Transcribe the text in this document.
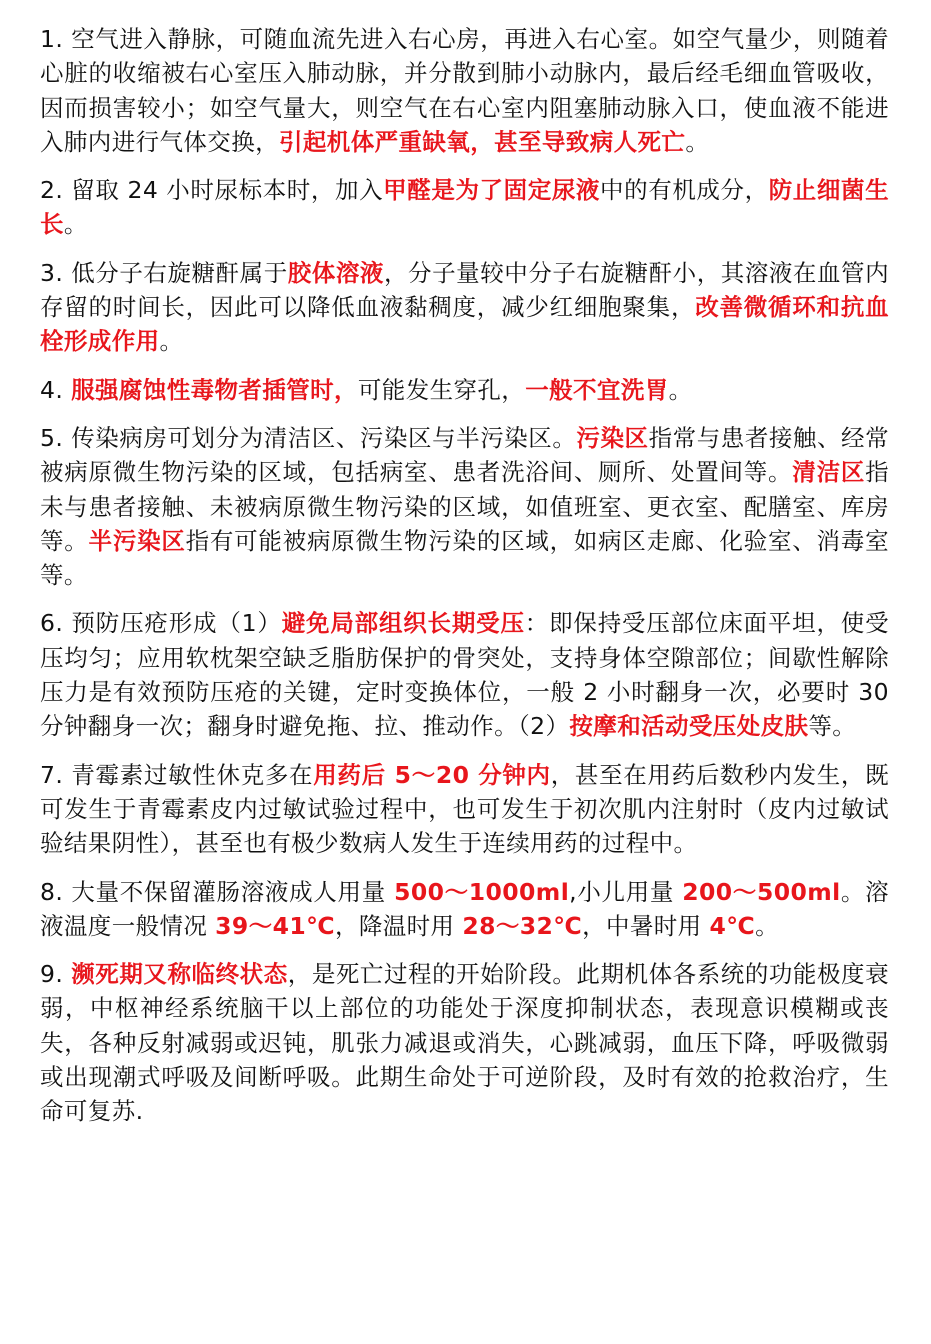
1. 空气进入静脉，可随血流先进入右心房，再进入右心室。如空气量少，则随着心脏的收缩被右心室压入肺动脉，并分散到肺小动脉内，最后经毛细血管吸收，因而损害较小；如空气量大，则空气在右心室内阻塞肺动脉入口，使血液不能进入肺内进行气体交换，引起机体严重缺氧，甚至导致病人死亡。
2. 留取 24 小时尿标本时，加入甲醛是为了固定尿液中的有机成分，防止细菌生长。
3. 低分子右旋糖酐属于胶体溶液，分子量较中分子右旋糖酐小，其溶液在血管内存留的时间长，因此可以降低血液黏稠度，减少红细胞聚集，改善微循环和抗血栓形成作用。
4. 服强腐蚀性毒物者插管时，可能发生穿孔，一般不宜洗胃。
5. 传染病房可划分为清洁区、污染区与半污染区。污染区指常与患者接触、经常被病原微生物污染的区域，包括病室、患者洗浴间、厕所、处置间等。清洁区指未与患者接触、未被病原微生物污染的区域，如值班室、更衣室、配膳室、库房等。半污染区指有可能被病原微生物污染的区域，如病区走廊、化验室、消毒室等。
6. 预防压疮形成（1）避免局部组织长期受压：即保持受压部位床面平坦，使受压均匀；应用软枕架空缺乏脂肪保护的骨突处，支持身体空隙部位；间歇性解除压力是有效预防压疮的关键，定时变换体位，一般 2 小时翻身一次，必要时 30 分钟翻身一次；翻身时避免拖、拉、推动作。（2）按摩和活动受压处皮肤等。
7. 青霉素过敏性休克多在用药后 5～20 分钟内，甚至在用药后数秒内发生，既可发生于青霉素皮内过敏试验过程中，也可发生于初次肌内注射时（皮内过敏试验结果阴性），甚至也有极少数病人发生于连续用药的过程中。
8. 大量不保留灌肠溶液成人用量 500～1000ml,小儿用量 200～500ml。溶液温度一般情况 39～41℃，降温时用 28～32℃，中暑时用 4℃。
9. 濒死期又称临终状态，是死亡过程的开始阶段。此期机体各系统的功能极度衰弱，中枢神经系统脑干以上部位的功能处于深度抑制状态，表现意识模糊或丧失，各种反射减弱或迟钝，肌张力减退或消失，心跳减弱，血压下降，呼吸微弱或出现潮式呼吸及间断呼吸。此期生命处于可逆阶段，及时有效的抢救治疗，生命可复苏.
